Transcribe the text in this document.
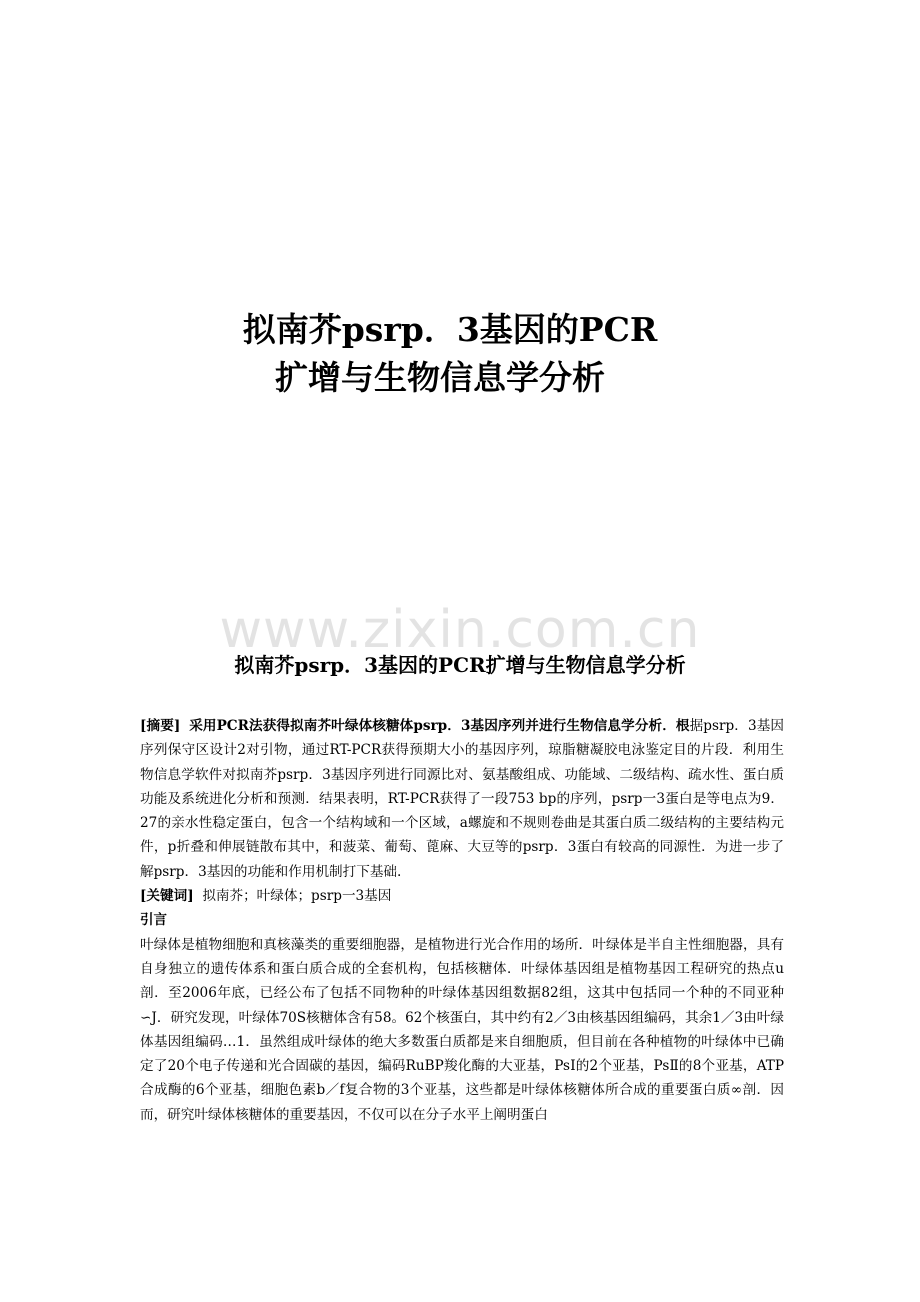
拟南芥psrp．3基因的PCR
扩增与生物信息学分析
www.zixin.com.cn
拟南芥psrp．3基因的PCR扩增与生物信息学分析

[摘要] 采用PCR法获得拟南芥叶绿体核糖体psrp．3基因序列并进行生物信息学分析．根据psrp．3基因序列保守区设计2对引物，通过RT-PCR获得预期大小的基因序列，琼脂糖凝胶电泳鉴定目的片段．利用生物信息学软件对拟南芥psrp．3基因序列进行同源比对、氨基酸组成、功能域、二级结构、疏水性、蛋白质功能及系统进化分析和预测．结果表明，RT-PCR获得了一段753 bp的序列，psrp一3蛋白是等电点为9．27的亲水性稳定蛋白，包含一个结构域和一个区域，a螺旋和不规则卷曲是其蛋白质二级结构的主要结构元件，p折叠和伸展链散布其中，和菠菜、葡萄、蓖麻、大豆等的psrp．3蛋白有较高的同源性．为进一步了解psrp．3基因的功能和作用机制打下基础.

[关键词] 拟南芥；叶绿体；psrp一3基因

引言

叶绿体是植物细胞和真核藻类的重要细胞器，是植物进行光合作用的场所．叶绿体是半自主性细胞器，具有自身独立的遗传体系和蛋白质合成的全套机构，包括核糖体．叶绿体基因组是植物基因工程研究的热点u剖．至2006年底，已经公布了包括不同物种的叶绿体基因组数据82组，这其中包括同一个种的不同亚种∽J．研究发现，叶绿体70S核糖体含有58。62个核蛋白，其中约有2／3由核基因组编码，其余1／3由叶绿体基因组编码…1．虽然组成叶绿体的绝大多数蛋白质都是来自细胞质，但目前在各种植物的叶绿体中已确定了20个电子传递和光合固碳的基因，编码RuBP羧化酶的大亚基，PsⅠ的2个亚基，PsⅡ的8个亚基，ATP合成酶的6个亚基，细胞色素b／f复合物的3个亚基，这些都是叶绿体核糖体所合成的重要蛋白质∞剖．因而，研究叶绿体核糖体的重要基因，不仅可以在分子水平上阐明蛋白
